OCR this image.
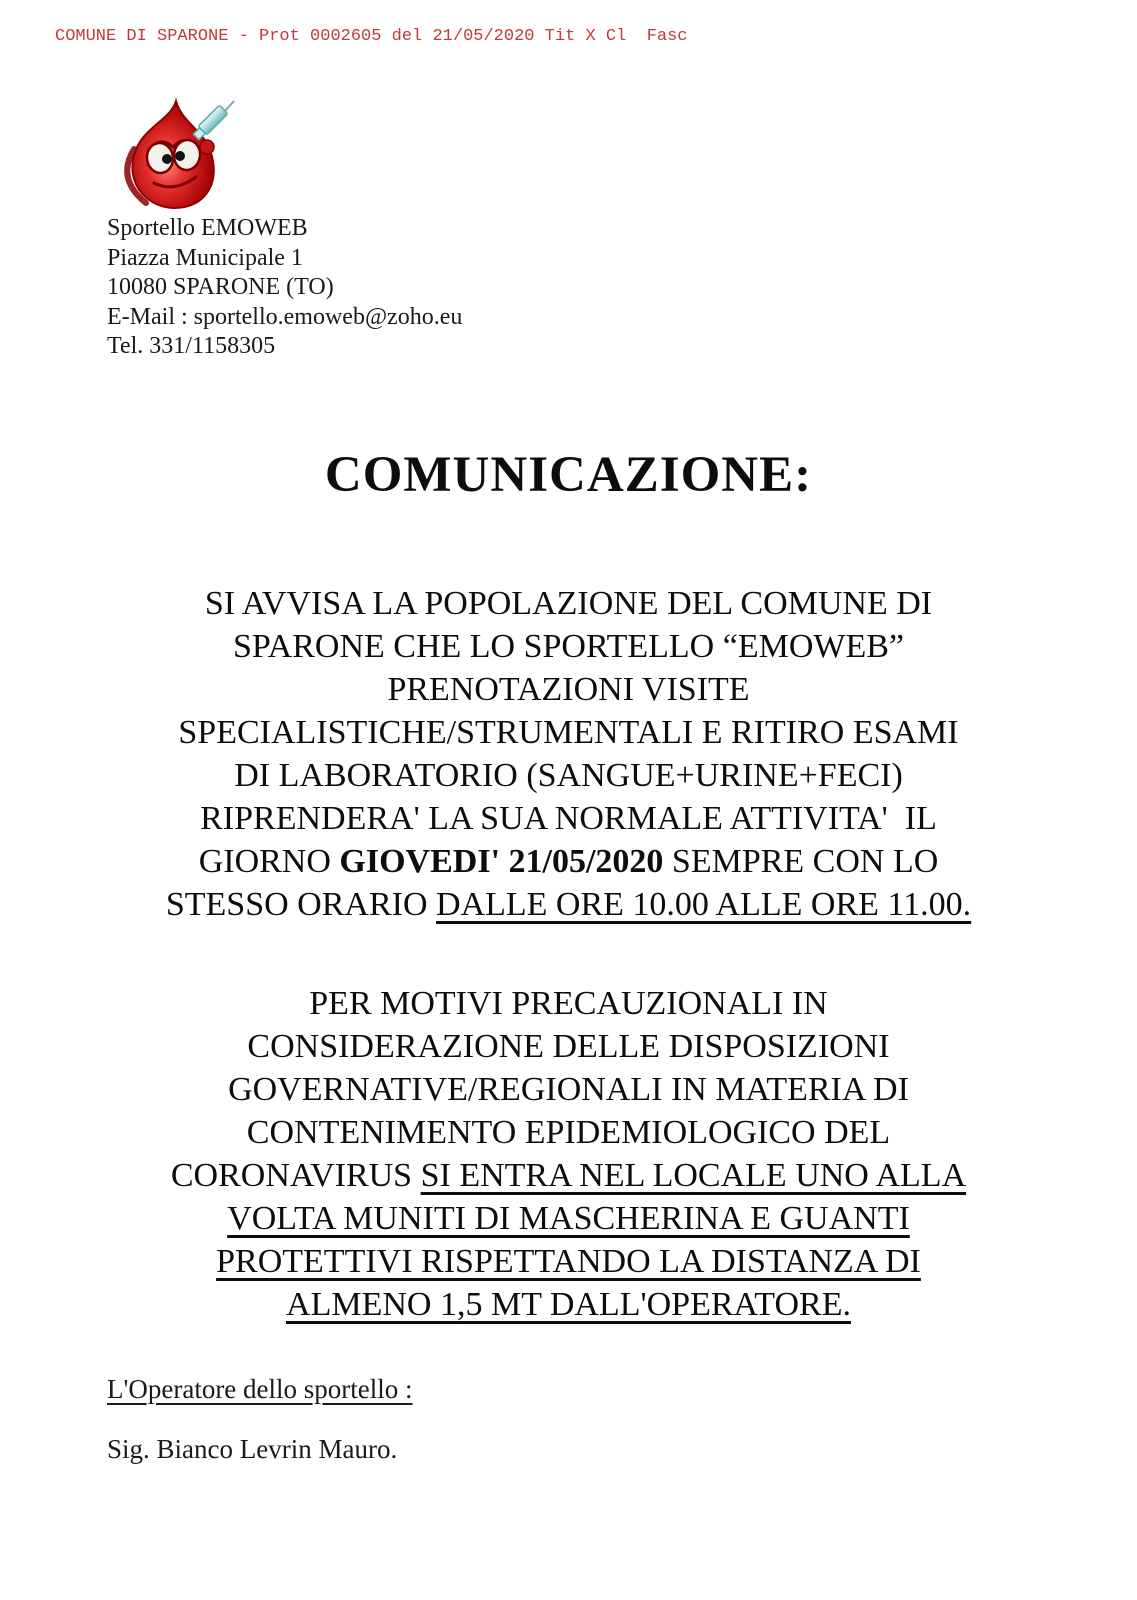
COMUNE DI SPARONE - Prot 0002605 del 21/05/2020 Tit X Cl  Fasc
Sportello EMOWEB
Piazza Municipale 1
10080 SPARONE (TO)
E-Mail : sportello.emoweb@zoho.eu
Tel. 331/1158305
COMUNICAZIONE:
SI AVVISA LA POPOLAZIONE DEL COMUNE DI
SPARONE CHE LO SPORTELLO “EMOWEB”
PRENOTAZIONI VISITE
SPECIALISTICHE/STRUMENTALI E RITIRO ESAMI
DI LABORATORIO (SANGUE+URINE+FECI)
RIPRENDERA' LA SUA NORMALE ATTIVITA'  IL
GIORNO GIOVEDI' 21/05/2020 SEMPRE CON LO
STESSO ORARIO DALLE ORE 10.00 ALLE ORE 11.00.
PER MOTIVI PRECAUZIONALI IN
CONSIDERAZIONE DELLE DISPOSIZIONI
GOVERNATIVE/REGIONALI IN MATERIA DI
CONTENIMENTO EPIDEMIOLOGICO DEL
CORONAVIRUS SI ENTRA NEL LOCALE UNO ALLA
VOLTA MUNITI DI MASCHERINA E GUANTI
PROTETTIVI RISPETTANDO LA DISTANZA DI
ALMENO 1,5 MT DALL'OPERATORE.
L'Operatore dello sportello :
Sig. Bianco Levrin Mauro.
